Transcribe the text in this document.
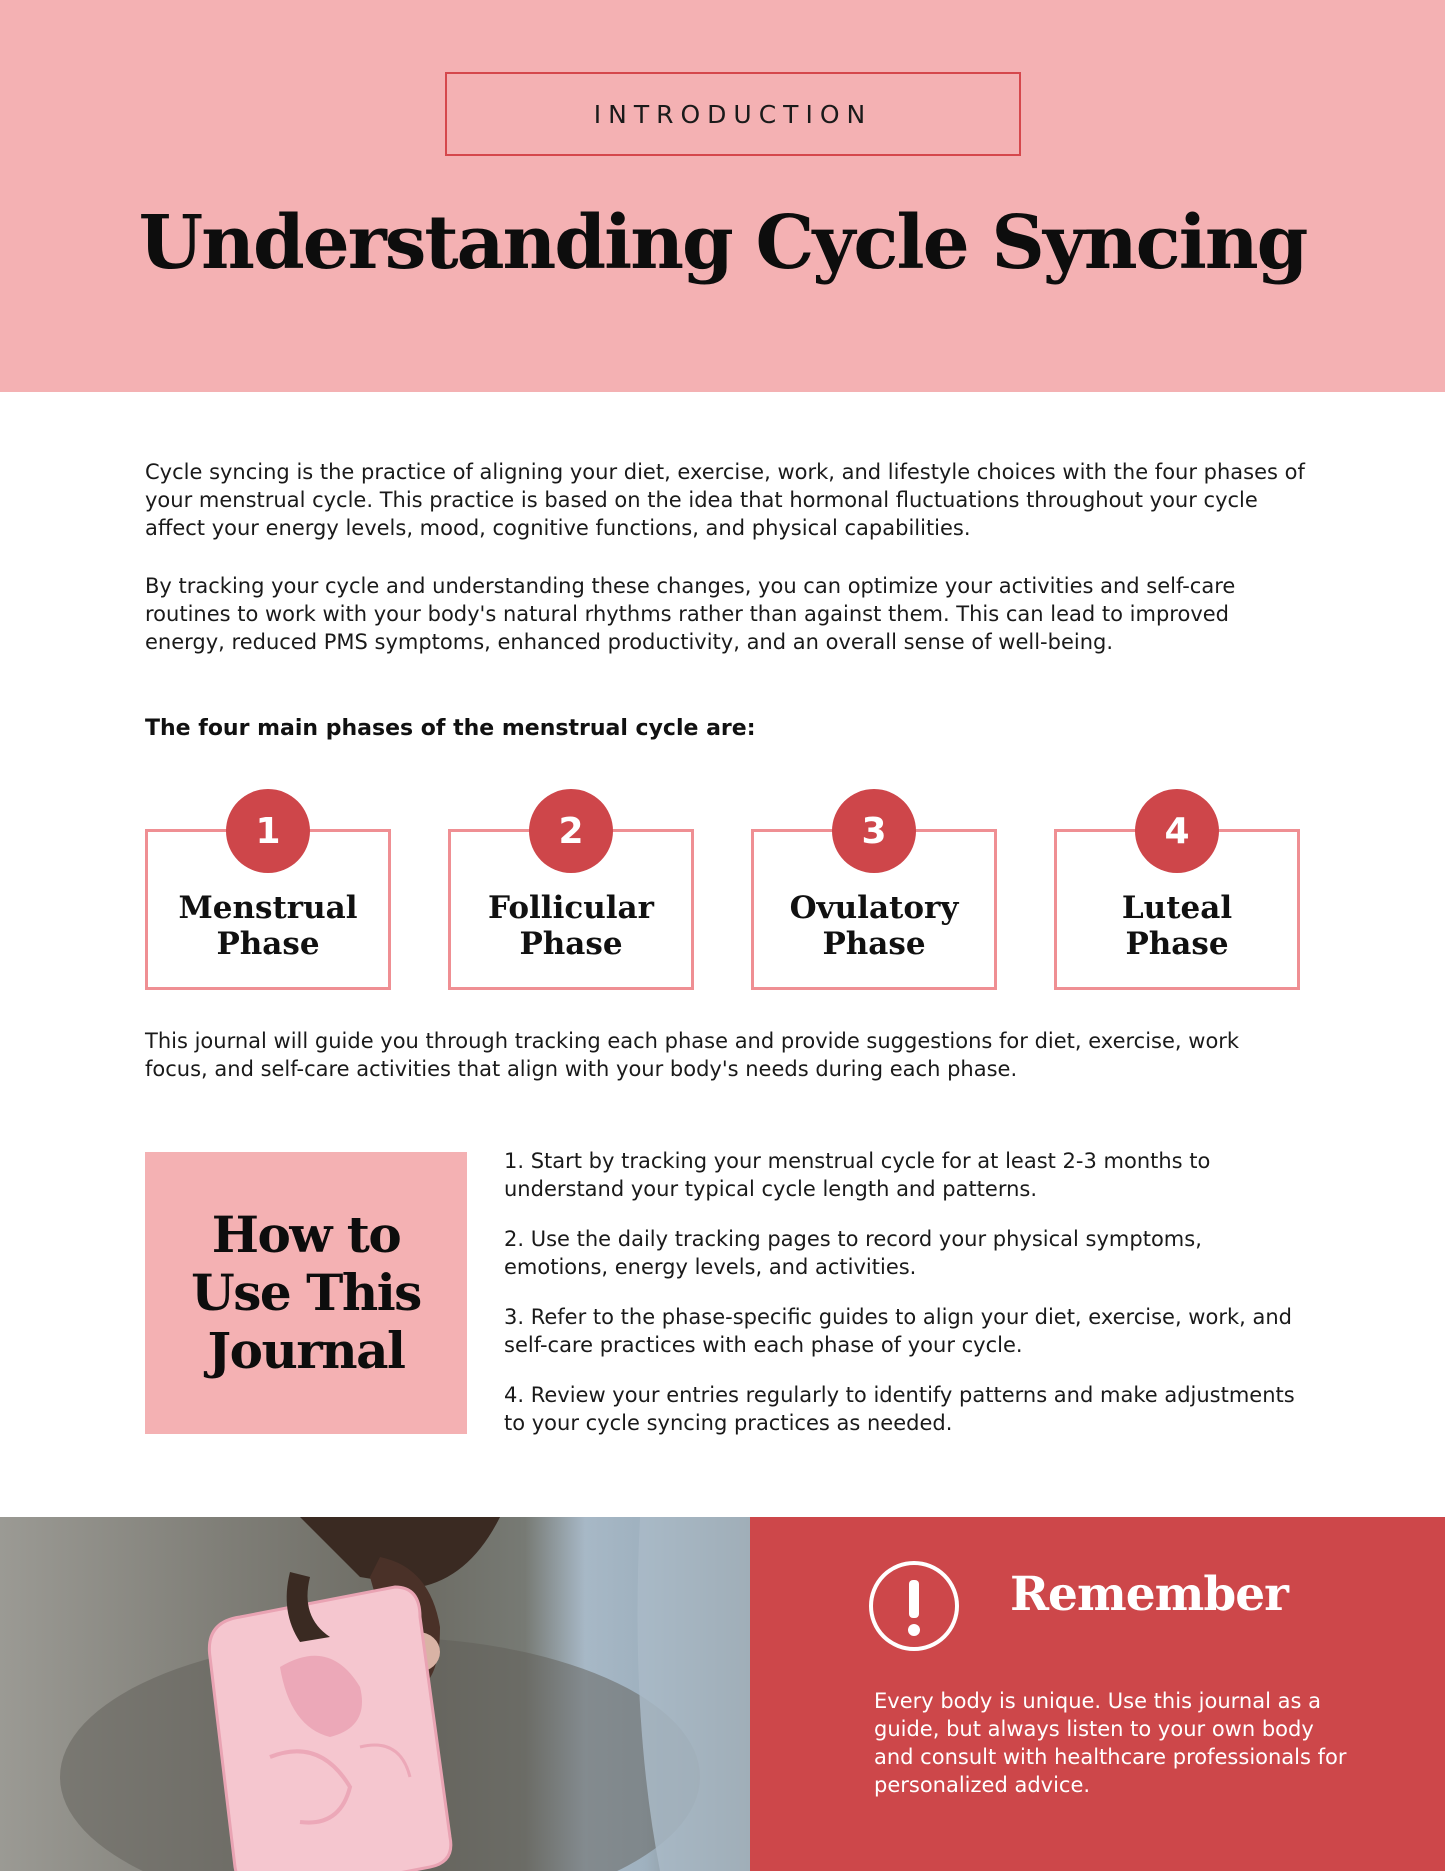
INTRODUCTION
Understanding Cycle Syncing
Cycle syncing is the practice of aligning your diet, exercise, work, and lifestyle choices with the four phases of your menstrual cycle. This practice is based on the idea that hormonal fluctuations throughout your cycle affect your energy levels, mood, cognitive functions, and physical capabilities.
By tracking your cycle and understanding these changes, you can optimize your activities and self-care routines to work with your body's natural rhythms rather than against them. This can lead to improved energy, reduced PMS symptoms, enhanced productivity, and an overall sense of well-being.
The four main phases of the menstrual cycle are:
1
Menstrual Phase
2
Follicular Phase
3
Ovulatory Phase
4
Luteal Phase
This journal will guide you through tracking each phase and provide suggestions for diet, exercise, work focus, and self-care activities that align with your body's needs during each phase.
How to Use This Journal

1. Start by tracking your menstrual cycle for at least 2-3 months to understand your typical cycle length and patterns.

2. Use the daily tracking pages to record your physical symptoms, emotions, energy levels, and activities.

3. Refer to the phase-specific guides to align your diet, exercise, work, and self-care practices with each phase of your cycle.

4. Review your entries regularly to identify patterns and make adjustments to your cycle syncing practices as needed.

Remember
Every body is unique. Use this journal as a guide, but always listen to your own body and consult with healthcare professionals for personalized advice.
